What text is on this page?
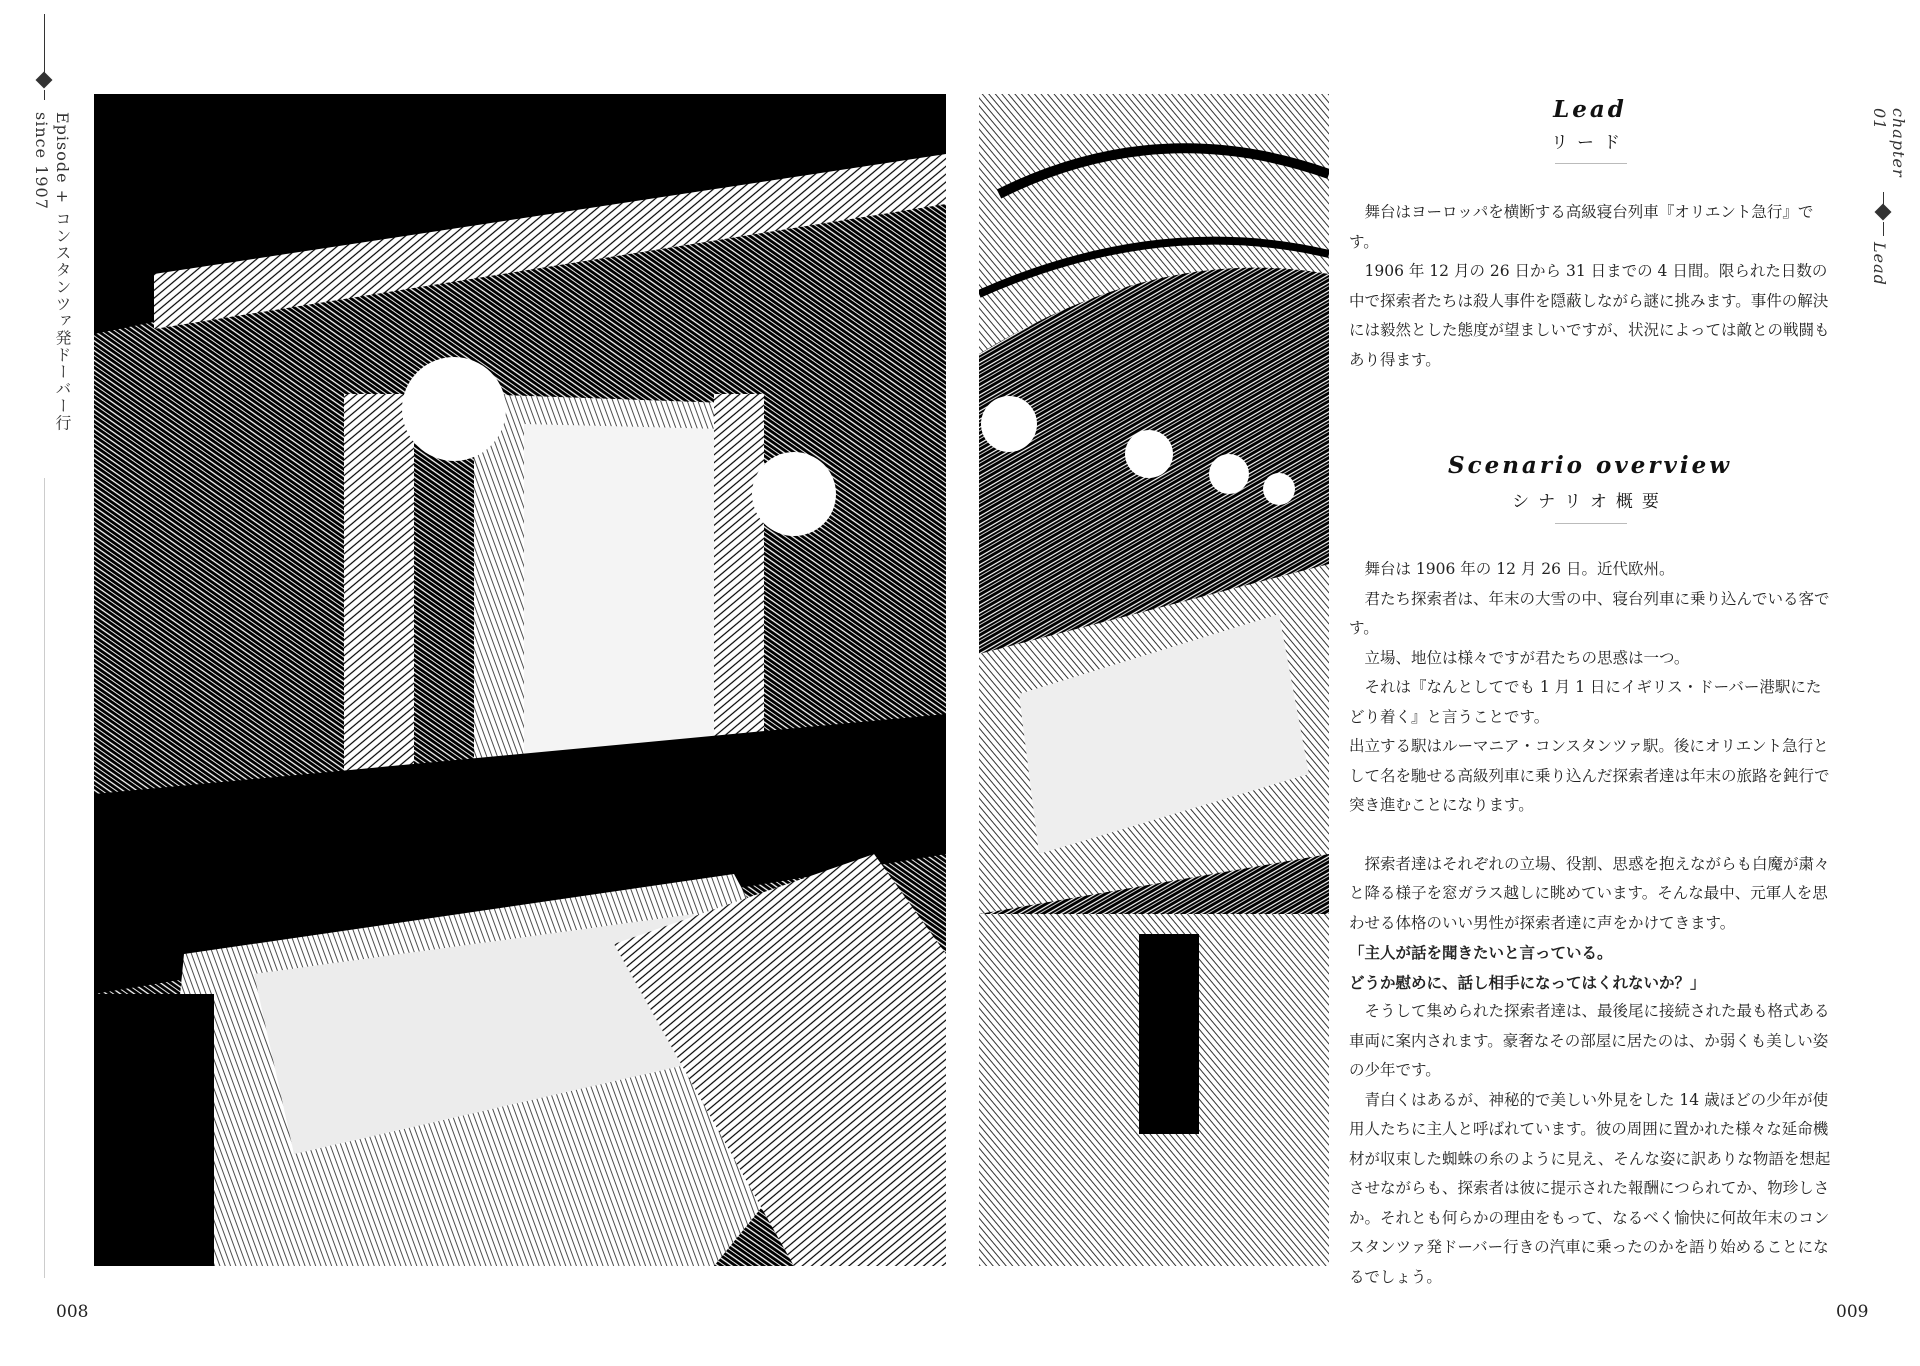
Episode + コンスタンツァ発ドーバー行 since 1907	chapter 01
Lead
Lead
リード

舞台はヨーロッパを横断する高級寝台列車『オリエント急行』です。

1906 年 12 月の 26 日から 31 日までの 4 日間。限られた日数の中で探索者たちは殺人事件を隠蔽しながら謎に挑みます。事件の解決には毅然とした態度が望ましいですが、状況によっては敵との戦闘もあり得ます。

Scenario overview
シナリオ概要

舞台は 1906 年の 12 月 26 日。近代欧州。

君たち探索者は、年末の大雪の中、寝台列車に乗り込んでいる客です。

立場、地位は様々ですが君たちの思惑は一つ。

それは『なんとしてでも 1 月 1 日にイギリス・ドーバー港駅にたどり着く』と言うことです。

出立する駅はルーマニア・コンスタンツァ駅。後にオリエント急行として名を馳せる高級列車に乗り込んだ探索者達は年末の旅路を鈍行で突き進むことになります。

探索者達はそれぞれの立場、役割、思惑を抱えながらも白魔が粛々と降る様子を窓ガラス越しに眺めています。そんな最中、元軍人を思わせる体格のいい男性が探索者達に声をかけてきます。

「主人が話を聞きたいと言っている。

どうか慰めに、話し相手になってはくれないか？」

そうして集められた探索者達は、最後尾に接続された最も格式ある車両に案内されます。豪奢なその部屋に居たのは、か弱くも美しい姿の少年です。

青白くはあるが、神秘的で美しい外見をした 14 歳ほどの少年が使用人たちに主人と呼ばれています。彼の周囲に置かれた様々な延命機材が収束した蜘蛛の糸のように見え、そんな姿に訳ありな物語を想起させながらも、探索者は彼に提示された報酬につられてか、物珍しさか。それとも何らかの理由をもって、なるべく愉快に何故年末のコンスタンツァ発ドーバー行きの汽車に乗ったのかを語り始めることになるでしょう。

008	009
